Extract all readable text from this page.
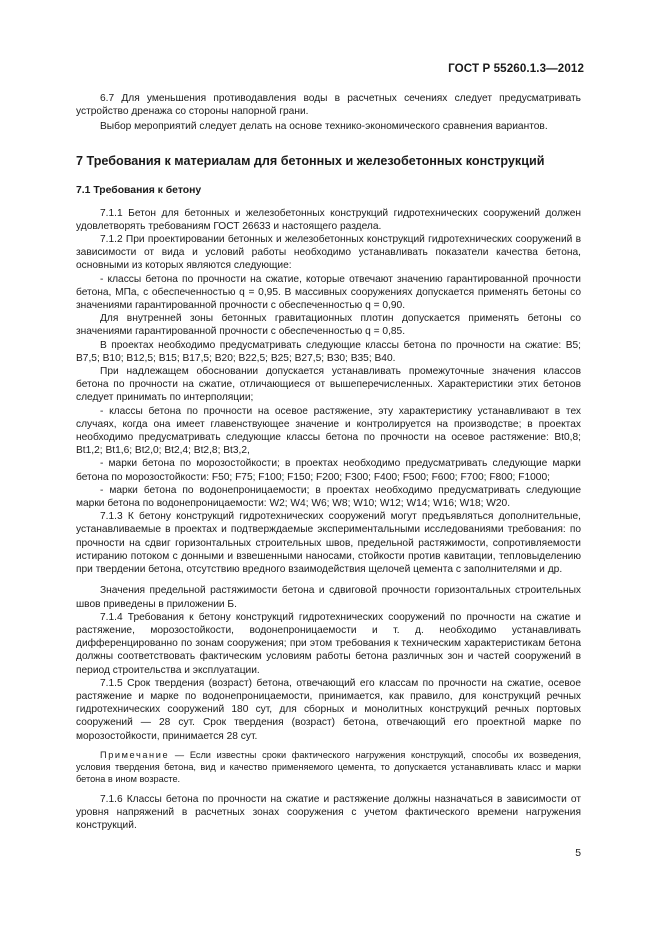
ГОСТ Р 55260.1.3—2012

6.7 Для уменьшения противодавления воды в расчетных сечениях следует предусматривать устройство дренажа со стороны напорной грани.

Выбор мероприятий следует делать на основе технико-экономического сравнения вариантов.

7 Требования к материалам для бетонных и железобетонных конструкций
7.1 Требования к бетону

7.1.1 Бетон для бетонных и железобетонных конструкций гидротехнических сооружений должен удовлетворять требованиям ГОСТ 26633 и настоящего раздела.

7.1.2 При проектировании бетонных и железобетонных конструкций гидротехнических сооружений в зависимости от вида и условий работы необходимо устанавливать показатели качества бетона, основными из которых являются следующие:

- классы бетона по прочности на сжатие, которые отвечают значению гарантированной прочности бетона, МПа, с обеспеченностью q = 0,95. В массивных сооружениях допускается применять бетоны со значениями гарантированной прочности с обеспеченностью q = 0,90.

Для внутренней зоны бетонных гравитационных плотин допускается применять бетоны со значениями гарантированной прочности с обеспеченностью q = 0,85.

В проектах необходимо предусматривать следующие классы бетона по прочности на сжатие: В5; В7,5; В10; В12,5; В15; В17,5; В20; В22,5; В25; В27,5; В30; В35; В40.

При надлежащем обосновании допускается устанавливать промежуточные значения классов бетона по прочности на сжатие, отличающиеся от вышеперечисленных. Характеристики этих бетонов следует принимать по интерполяции;

- классы бетона по прочности на осевое растяжение, эту характеристику устанавливают в тех случаях, когда она имеет главенствующее значение и контролируется на производстве; в проектах необходимо предусматривать следующие классы бетона по прочности на осевое растяжение: Bt0,8; Bt1,2; Bt1,6; Bt2,0; Bt2,4; Bt2,8; Bt3,2,

- марки бетона по морозостойкости; в проектах необходимо предусматривать следующие марки бетона по морозостойкости: F50; F75; F100; F150; F200; F300; F400; F500; F600; F700; F800; F1000;

- марки бетона по водонепроницаемости; в проектах необходимо предусматривать следующие марки бетона по водонепроницаемости: W2; W4; W6; W8; W10; W12; W14; W16; W18; W20.

7.1.3 К бетону конструкций гидротехнических сооружений могут предъявляться дополнительные, устанавливаемые в проектах и подтверждаемые экспериментальными исследованиями требования: по прочности на сдвиг горизонтальных строительных швов, предельной растяжимости, сопротивляемости истиранию потоком с донными и взвешенными наносами, стойкости против кавитации, тепловыделению при твердении бетона, отсутствию вредного взаимодействия щелочей цемента с заполнителями и др.

Значения предельной растяжимости бетона и сдвиговой прочности горизонтальных строительных швов приведены в приложении Б.

7.1.4 Требования к бетону конструкций гидротехнических сооружений по прочности на сжатие и растяжение, морозостойкости, водонепроницаемости и т. д. необходимо устанавливать дифференцированно по зонам сооружения; при этом требования к техническим характеристикам бетона должны соответствовать фактическим условиям работы бетона различных зон и частей сооружений в период строительства и эксплуатации.

7.1.5 Срок твердения (возраст) бетона, отвечающий его классам по прочности на сжатие, осевое растяжение и марке по водонепроницаемости, принимается, как правило, для конструкций речных гидротехнических сооружений 180 сут, для сборных и монолитных конструкций речных портовых сооружений — 28 сут. Срок твердения (возраст) бетона, отвечающий его проектной марке по морозостойкости, принимается 28 сут.

Примечание — Если известны сроки фактического нагружения конструкций, способы их возведения, условия твердения бетона, вид и качество применяемого цемента, то допускается устанавливать класс и марки бетона в ином возрасте.

7.1.6 Классы бетона по прочности на сжатие и растяжение должны назначаться в зависимости от уровня напряжений в расчетных зонах сооружения с учетом фактического времени нагружения конструкций.

5
